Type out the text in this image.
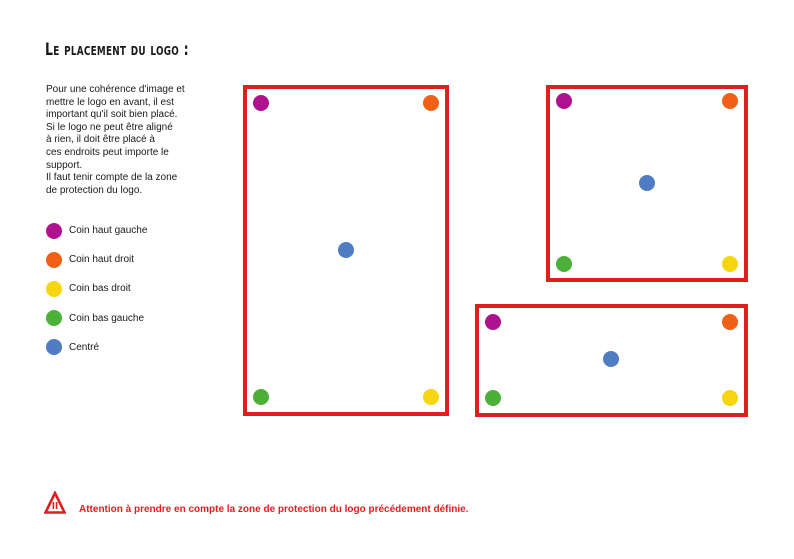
Le placement du logo :

Pour une cohérence d'image et
mettre le logo en avant, il est
important qu'il soit bien placé.
Si le logo ne peut être aligné
à rien, il doit être placé à
ces endroits peut importe le
support.
Il faut tenir compte de la zone
de protection du logo.

Coin haut gauche
Coin haut droit
Coin bas droit
Coin bas gauche
Centré
Attention à prendre en compte la zone de protection du logo précédement définie.
